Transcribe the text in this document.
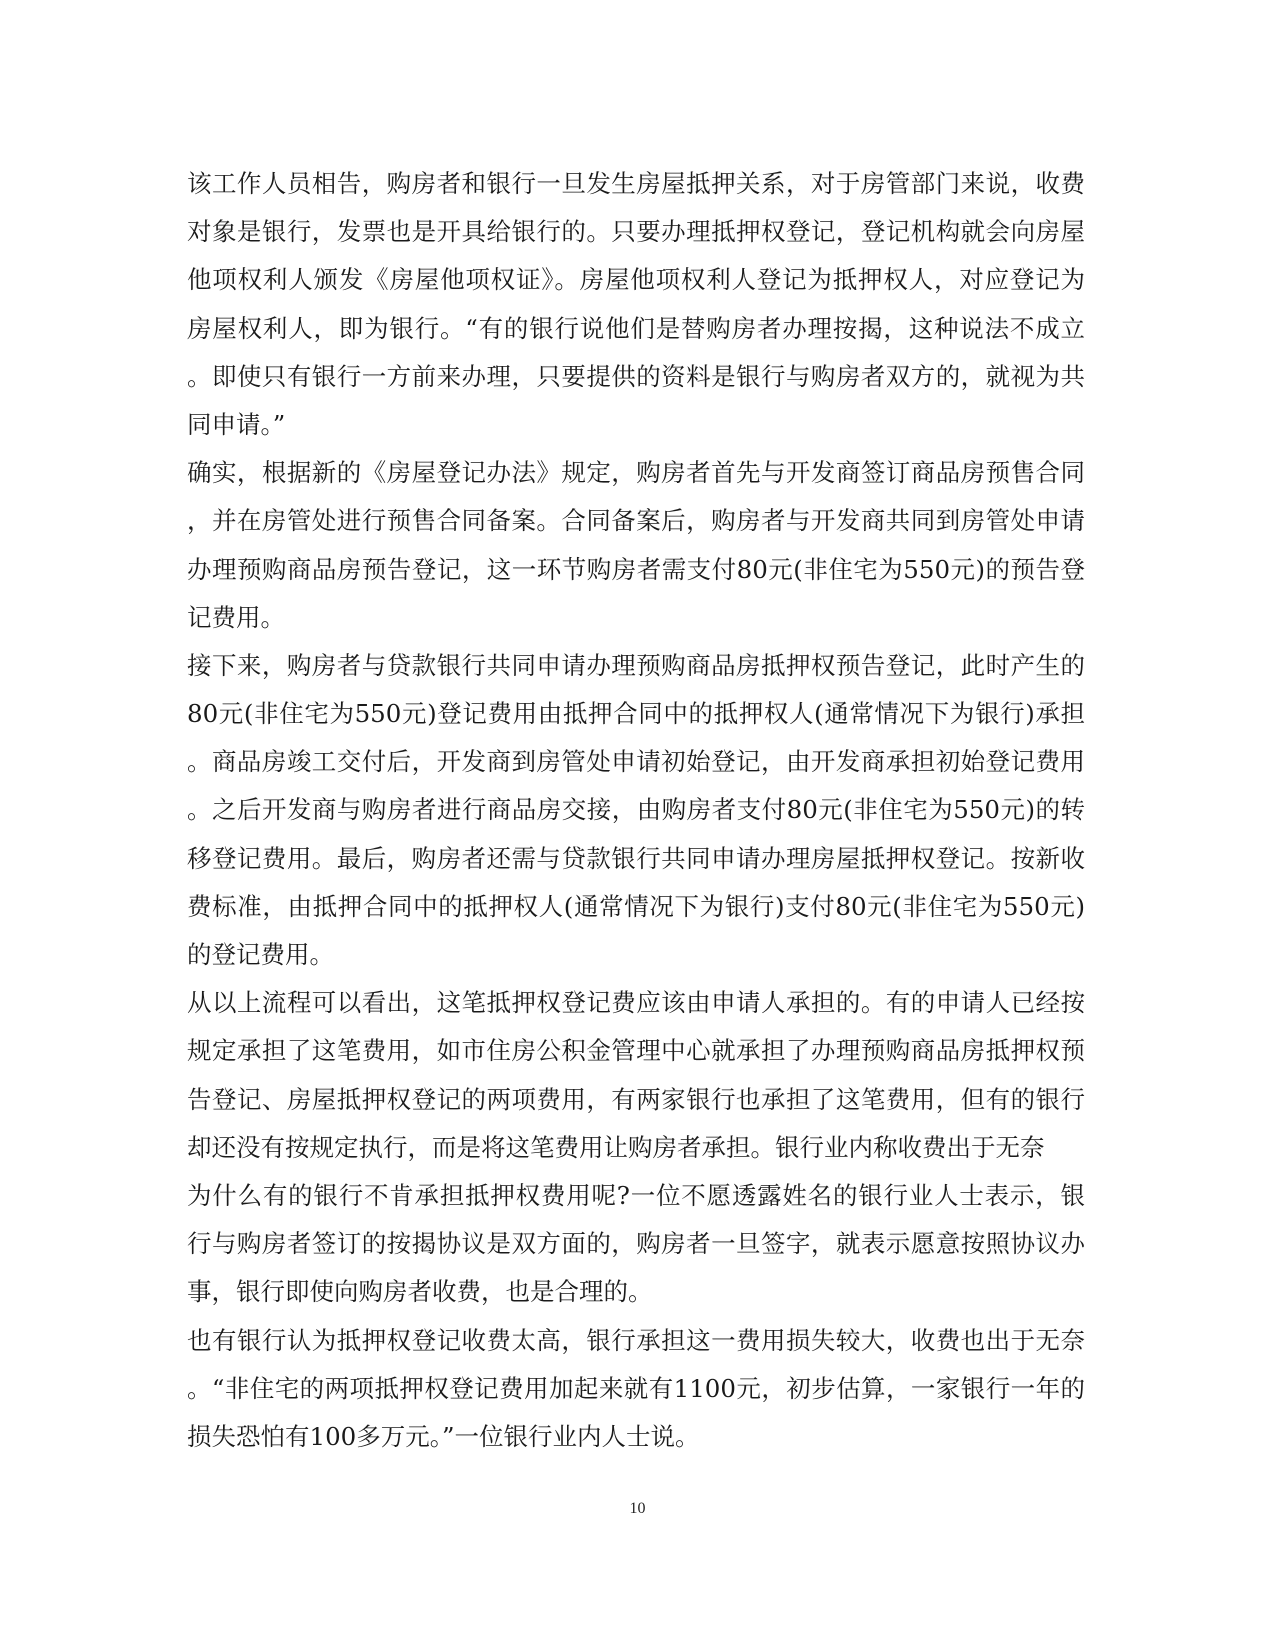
该工作人员相告，购房者和银行一旦发生房屋抵押关系，对于房管部门来说，收费
对象是银行，发票也是开具给银行的。只要办理抵押权登记，登记机构就会向房屋
他项权利人颁发《房屋他项权证》。房屋他项权利人登记为抵押权人，对应登记为
房屋权利人，即为银行。“有的银行说他们是替购房者办理按揭，这种说法不成立
。即使只有银行一方前来办理，只要提供的资料是银行与购房者双方的，就视为共
同申请。”
确实，根据新的《房屋登记办法》规定，购房者首先与开发商签订商品房预售合同
，并在房管处进行预售合同备案。合同备案后，购房者与开发商共同到房管处申请
办理预购商品房预告登记，这一环节购房者需支付80元(非住宅为550元)的预告登
记费用。
接下来，购房者与贷款银行共同申请办理预购商品房抵押权预告登记，此时产生的
80元(非住宅为550元)登记费用由抵押合同中的抵押权人(通常情况下为银行)承担
。商品房竣工交付后，开发商到房管处申请初始登记，由开发商承担初始登记费用
。之后开发商与购房者进行商品房交接，由购房者支付80元(非住宅为550元)的转
移登记费用。最后，购房者还需与贷款银行共同申请办理房屋抵押权登记。按新收
费标准，由抵押合同中的抵押权人(通常情况下为银行)支付80元(非住宅为550元)
的登记费用。
从以上流程可以看出，这笔抵押权登记费应该由申请人承担的。有的申请人已经按
规定承担了这笔费用，如市住房公积金管理中心就承担了办理预购商品房抵押权预
告登记、房屋抵押权登记的两项费用，有两家银行也承担了这笔费用，但有的银行
却还没有按规定执行，而是将这笔费用让购房者承担。银行业内称收费出于无奈
为什么有的银行不肯承担抵押权费用呢?一位不愿透露姓名的银行业人士表示，银
行与购房者签订的按揭协议是双方面的，购房者一旦签字，就表示愿意按照协议办
事，银行即使向购房者收费，也是合理的。
也有银行认为抵押权登记收费太高，银行承担这一费用损失较大，收费也出于无奈
。“非住宅的两项抵押权登记费用加起来就有1100元，初步估算，一家银行一年的
损失恐怕有100多万元。”一位银行业内人士说。
10
